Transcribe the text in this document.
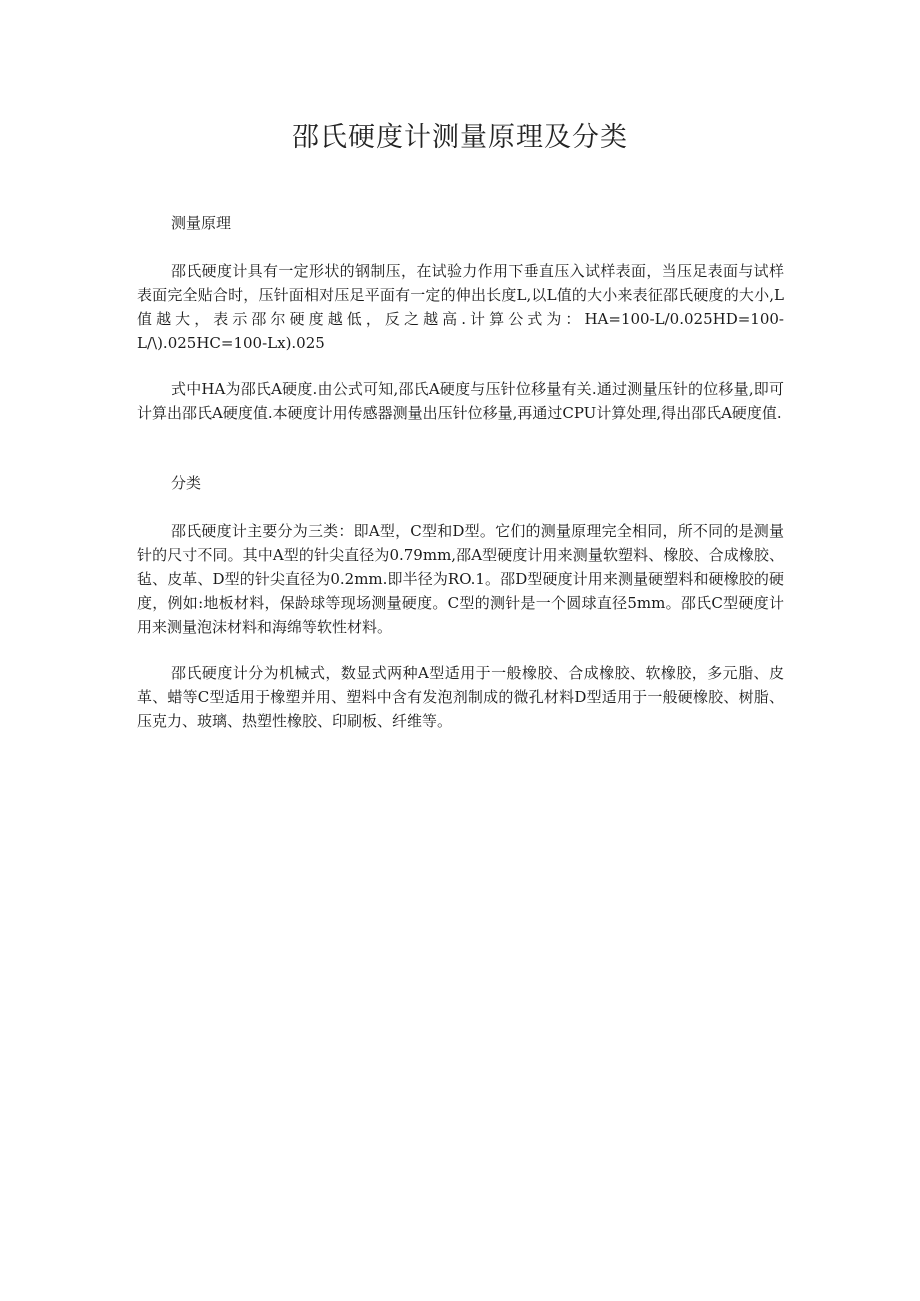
邵氏硬度计测量原理及分类
测量原理
邵氏硬度计具有一定形状的钢制压，在试验力作用下垂直压入试样表面，当压足表面与试样表面完全贴合时，压针面相对压足平面有一定的伸出长度L,以L值的大小来表征邵氏硬度的大小,L值越大，表示邵尔硬度越低，反之越高.计算公式为：HA=100-L/0.025HD=100-L/\).025HC=100-Lx).025
式中HA为邵氏A硬度.由公式可知,邵氏A硬度与压针位移量有关.通过测量压针的位移量,即可计算出邵氏A硬度值.本硬度计用传感器测量出压针位移量,再通过CPU计算处理,得出邵氏A硬度值.
分类
邵氏硬度计主要分为三类：即A型，C型和D型。它们的测量原理完全相同，所不同的是测量针的尺寸不同。其中A型的针尖直径为0.79mm,邵A型硬度计用来测量软塑料、橡胶、合成橡胶、毡、皮革、D型的针尖直径为0.2mm.即半径为RO.1。邵D型硬度计用来测量硬塑料和硬橡胶的硬度，例如:地板材料，保龄球等现场测量硬度。C型的测针是一个圆球直径5mm。邵氏C型硬度计用来测量泡沫材料和海绵等软性材料。
邵氏硬度计分为机械式，数显式两种A型适用于一般橡胶、合成橡胶、软橡胶，多元脂、皮革、蜡等C型适用于橡塑并用、塑料中含有发泡剂制成的微孔材料D型适用于一般硬橡胶、树脂、压克力、玻璃、热塑性橡胶、印刷板、纤维等。
